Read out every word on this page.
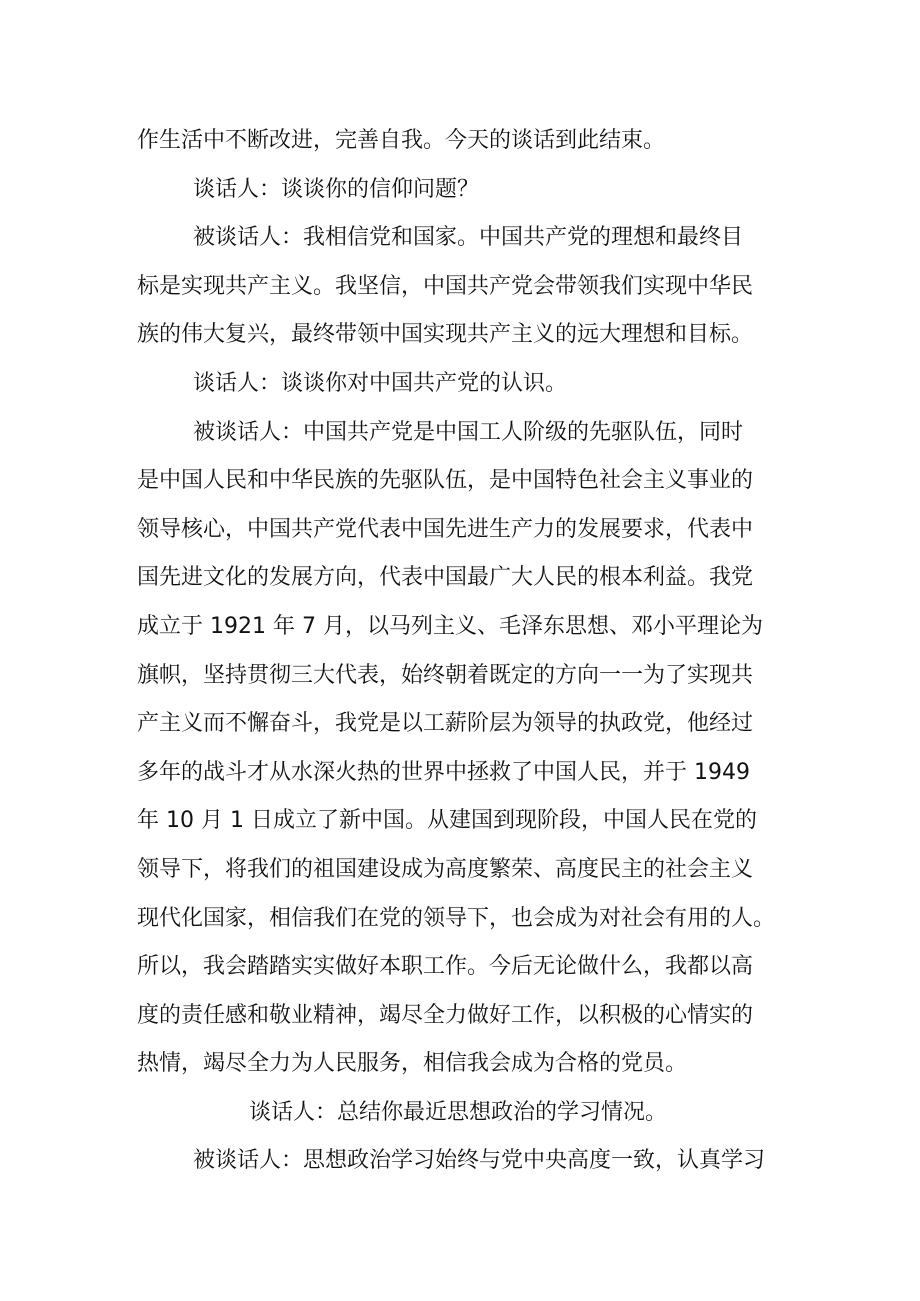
作生活中不断改进，完善自我。今天的谈话到此结束。
谈话人：谈谈你的信仰问题？
被谈话人：我相信党和国家。中国共产党的理想和最终目
标是实现共产主义。我坚信，中国共产党会带领我们实现中华民
族的伟大复兴，最终带领中国实现共产主义的远大理想和目标。
谈话人：谈谈你对中国共产党的认识。
被谈话人：中国共产党是中国工人阶级的先驱队伍，同时
是中国人民和中华民族的先驱队伍，是中国特色社会主义事业的
领导核心，中国共产党代表中国先进生产力的发展要求，代表中
国先进文化的发展方向，代表中国最广大人民的根本利益。我党
成立于 1921 年 7 月，以马列主义、毛泽东思想、邓小平理论为
旗帜，坚持贯彻三大代表，始终朝着既定的方向一一为了实现共
产主义而不懈奋斗，我党是以工薪阶层为领导的执政党，他经过
多年的战斗才从水深火热的世界中拯救了中国人民，并于 1949
年 10 月 1 日成立了新中国。从建国到现阶段，中国人民在党的
领导下，将我们的祖国建设成为高度繁荣、高度民主的社会主义
现代化国家，相信我们在党的领导下，也会成为对社会有用的人。
所以，我会踏踏实实做好本职工作。今后无论做什么，我都以高
度的责任感和敬业精神，竭尽全力做好工作，以积极的心情实的
热情，竭尽全力为人民服务，相信我会成为合格的党员。
谈话人：总结你最近思想政治的学习情况。
被谈话人：思想政治学习始终与党中央高度一致，认真学习
